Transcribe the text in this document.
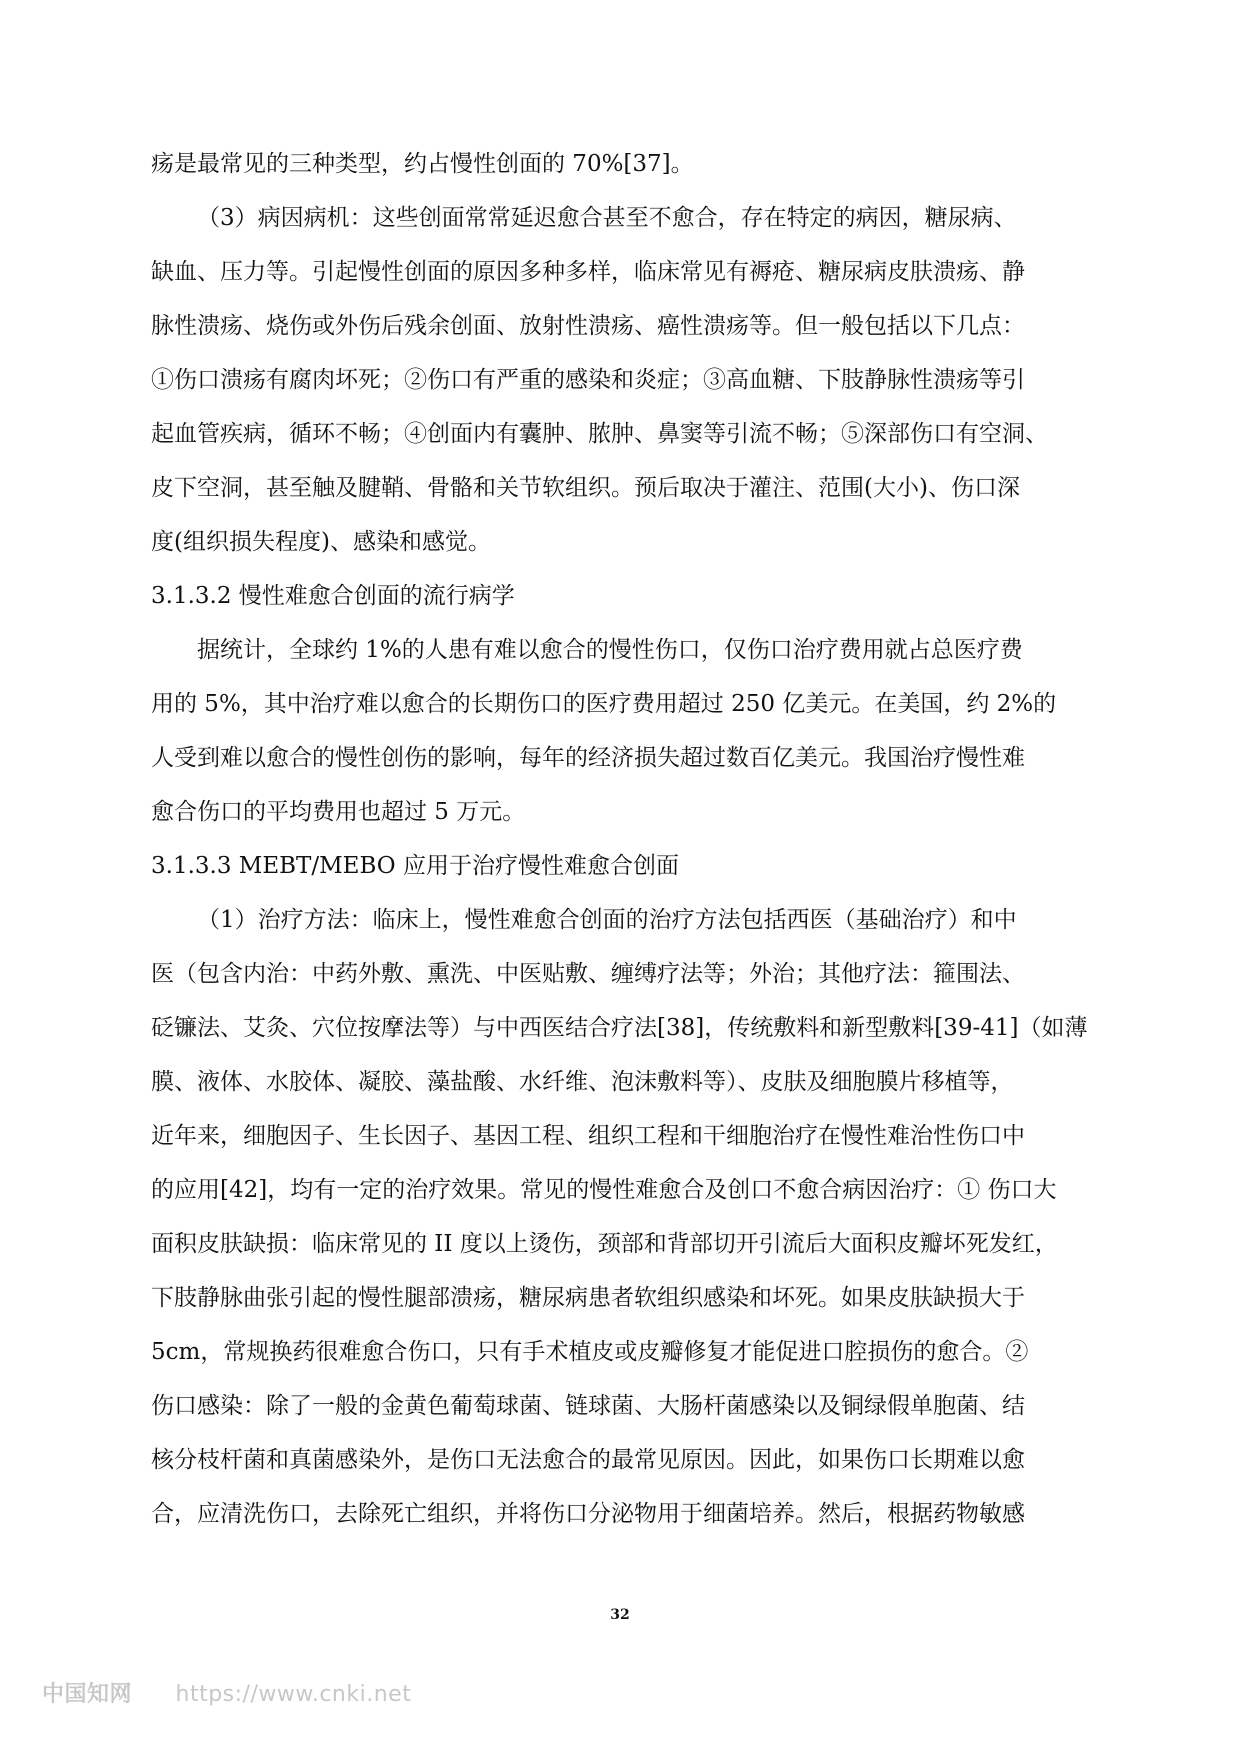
疡是最常见的三种类型，约占慢性创面的 70%[37]。
（3）病因病机：这些创面常常延迟愈合甚至不愈合，存在特定的病因，糖尿病、
缺血、压力等。引起慢性创面的原因多种多样，临床常见有褥疮、糖尿病皮肤溃疡、静
脉性溃疡、烧伤或外伤后残余创面、放射性溃疡、癌性溃疡等。但一般包括以下几点：
①伤口溃疡有腐肉坏死；②伤口有严重的感染和炎症；③高血糖、下肢静脉性溃疡等引
起血管疾病，循环不畅；④创面内有囊肿、脓肿、鼻窦等引流不畅；⑤深部伤口有空洞、
皮下空洞，甚至触及腱鞘、骨骼和关节软组织。预后取决于灌注、范围(大小)、伤口深
度(组织损失程度)、感染和感觉。
3.1.3.2 慢性难愈合创面的流行病学
据统计，全球约 1%的人患有难以愈合的慢性伤口，仅伤口治疗费用就占总医疗费
用的 5%，其中治疗难以愈合的长期伤口的医疗费用超过 250 亿美元。在美国，约 2%的
人受到难以愈合的慢性创伤的影响，每年的经济损失超过数百亿美元。我国治疗慢性难
愈合伤口的平均费用也超过 5 万元。
3.1.3.3 MEBT/MEBO 应用于治疗慢性难愈合创面
（1）治疗方法：临床上，慢性难愈合创面的治疗方法包括西医（基础治疗）和中
医（包含内治：中药外敷、熏洗、中医贴敷、缠缚疗法等；外治；其他疗法：箍围法、
砭镰法、艾灸、穴位按摩法等）与中西医结合疗法[38]，传统敷料和新型敷料[39-41]（如薄
膜、液体、水胶体、凝胶、藻盐酸、水纤维、泡沫敷料等）、皮肤及细胞膜片移植等，
近年来，细胞因子、生长因子、基因工程、组织工程和干细胞治疗在慢性难治性伤口中
的应用[42]，均有一定的治疗效果。常见的慢性难愈合及创口不愈合病因治疗：① 伤口大
面积皮肤缺损：临床常见的 II 度以上烫伤，颈部和背部切开引流后大面积皮瓣坏死发红，
下肢静脉曲张引起的慢性腿部溃疡，糖尿病患者软组织感染和坏死。如果皮肤缺损大于
5cm，常规换药很难愈合伤口，只有手术植皮或皮瓣修复才能促进口腔损伤的愈合。②
伤口感染：除了一般的金黄色葡萄球菌、链球菌、大肠杆菌感染以及铜绿假单胞菌、结
核分枝杆菌和真菌感染外，是伤口无法愈合的最常见原因。因此，如果伤口长期难以愈
合，应清洗伤口，去除死亡组织，并将伤口分泌物用于细菌培养。然后，根据药物敏感
32
中国知网 https://www.cnki.net
